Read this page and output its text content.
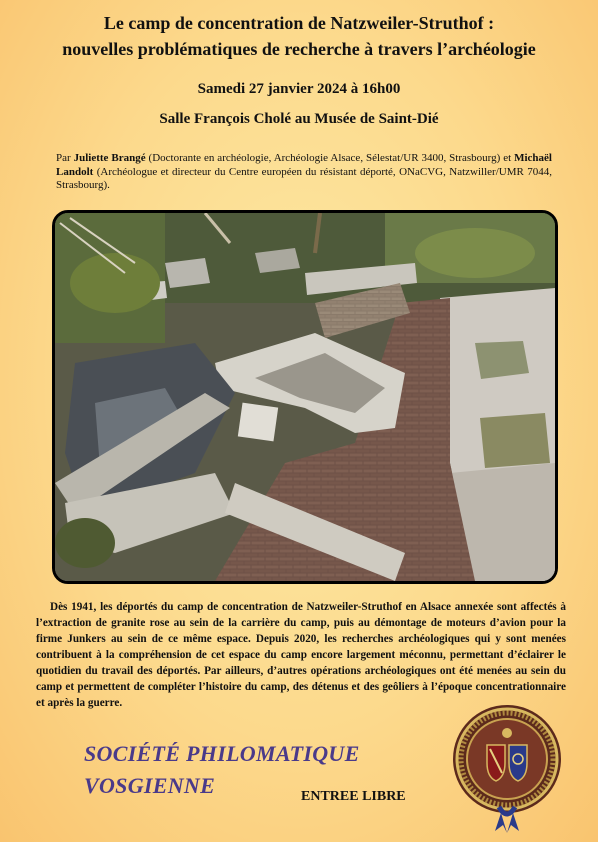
Le camp de concentration de Natzweiler-Struthof :
nouvelles problématiques de recherche à travers l’archéologie
Samedi 27 janvier 2024 à 16h00
Salle François Cholé au Musée de Saint-Dié
Par Juliette Brangé (Doctorante en archéologie, Archéologie Alsace, Sélestat/UR 3400, Strasbourg) et Michaël Landolt (Archéologue et directeur du Centre européen du résistant déporté, ONaCVG, Natzwiller/UMR 7044, Strasbourg).
Dès 1941, les déportés du camp de concentration de Natzweiler-Struthof en Alsace annexée sont affectés à l’extraction de granite rose au sein de la carrière du camp, puis au démontage de moteurs d’avion pour la firme Junkers au sein de ce même espace. Depuis 2020, les recherches archéologiques qui y sont menées contribuent à la compréhension de cet espace du camp encore largement méconnu, permettant d’éclairer le quotidien du travail des déportés. Par ailleurs, d’autres opérations archéologiques ont été menées au sein du camp et permettent de compléter l’histoire du camp, des détenus et des geôliers à l’époque concentrationnaire et après la guerre.
SOCIÉTÉ PHILOMATIQUE
VOSGIENNE	ENTREE LIBRE
